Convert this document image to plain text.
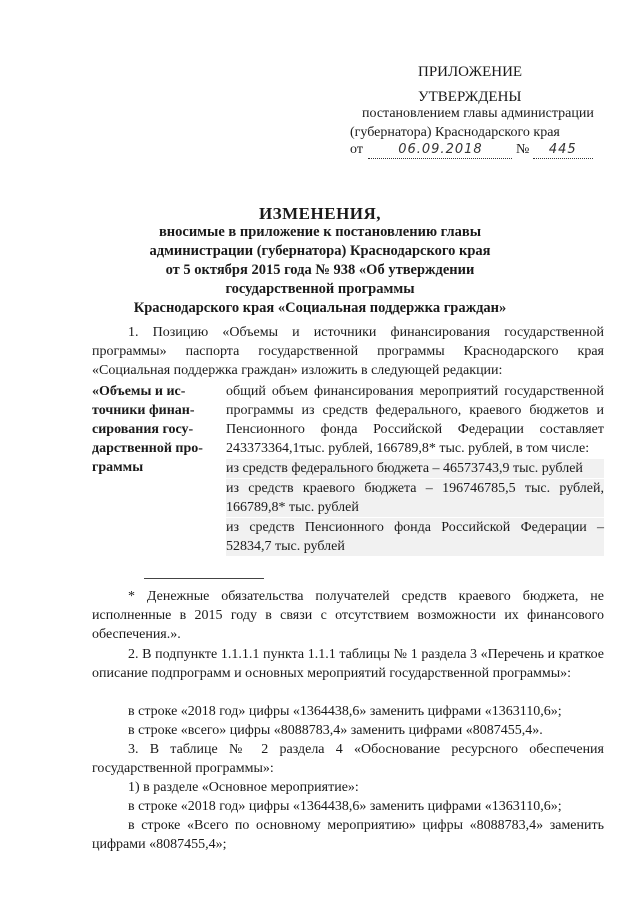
ПРИЛОЖЕНИЕ
УТВЕРЖДЕНЫ
постановлением главы администрации
(губернатора) Краснодарского края
от	06.09.2018 № 445
ИЗМЕНЕНИЯ,
вносимые в приложение к постановлению главы
администрации (губернатора) Краснодарского края
от 5 октября 2015 года № 938 «Об утверждении
государственной программы
Краснодарского края «Социальная поддержка граждан»
1. Позицию «Объемы и источники финансирования государственной программы» паспорта государственной программы Краснодарского края «Социальная поддержка граждан» изложить в следующей редакции:
«Объемы и ис-
точники финан-
сирования госу-
дарственной про-
граммы
общий объем финансирования мероприятий государственной программы из средств федерального, краевого бюджетов и Пенсионного фонда Российской Федерации составляет 243373364,1тыс. рублей, 166789,8* тыс. рублей, в том числе:
из средств федерального бюджета – 46573743,9 тыс. рублей
из средств краевого бюджета – 196746785,5 тыс. рублей, 166789,8* тыс. рублей
из средств Пенсионного фонда Российской Федерации – 52834,7 тыс. рублей
* Денежные обязательства получателей средств краевого бюджета, не исполненные в 2015 году в связи с отсутствием возможности их финансового обеспечения.».
2. В подпункте 1.1.1.1 пункта 1.1.1 таблицы № 1 раздела 3 «Перечень и краткое описание подпрограмм и основных мероприятий государственной программы»:
в строке «2018 год» цифры «1364438,6» заменить цифрами «1363110,6»;
в строке «всего» цифры «8088783,4» заменить цифрами «8087455,4».
3. В таблице № 2 раздела 4 «Обоснование ресурсного обеспечения государственной программы»:
1) в разделе «Основное мероприятие»:
в строке «2018 год» цифры «1364438,6» заменить цифрами «1363110,6»;
в строке «Всего по основному мероприятию» цифры «8088783,4» заменить цифрами «8087455,4»;
